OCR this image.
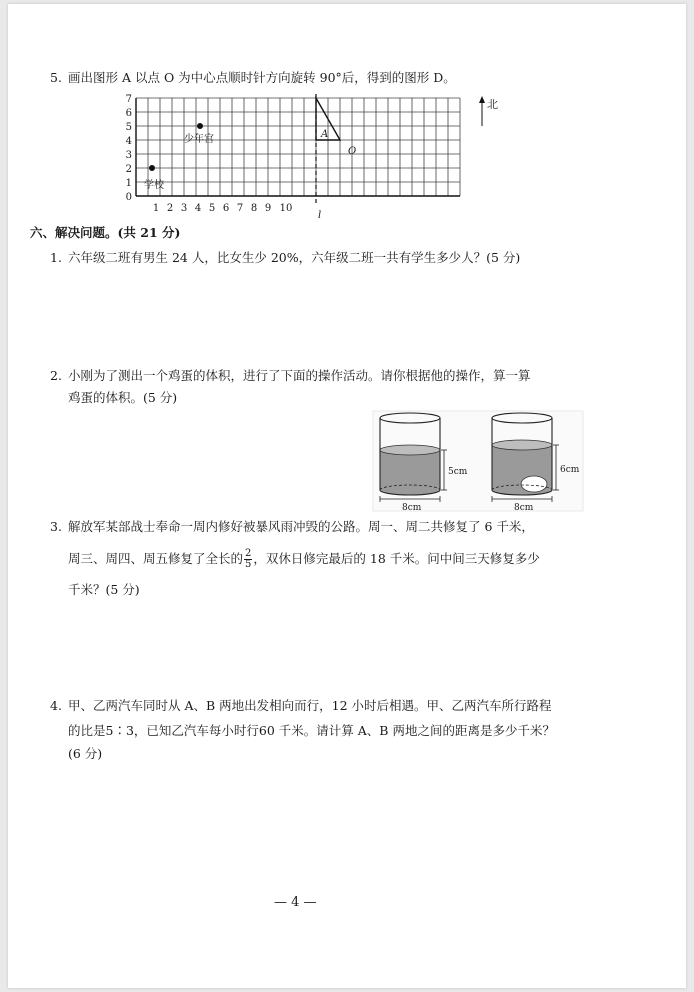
5. 画出图形 A 以点 O 为中心点顺时针方向旋转 90°后，得到的图形 D。
7
6
5
4
3
2
1
0
1 2 3 4 5 6 7 8 9 10
学校
少年宫	A
O
l
北
六、解决问题。(共 21 分)
1. 六年级二班有男生 24 人，比女生少 20%，六年级二班一共有学生多少人？(5 分)
2. 小刚为了测出一个鸡蛋的体积，进行了下面的操作活动。请你根据他的操作，算一算
鸡蛋的体积。(5 分)
5cm
8cm
6cm
8cm
3. 解放军某部战士奉命一周内修好被暴风雨冲毁的公路。周一、周二共修复了 6 千米，
周三、周四、周五修复了全长的 $\frac{2}{5}$ ，双休日修完最后的 18 千米。问中间三天修复多少
千米？(5 分)
4. 甲、乙两汽车同时从 A、B 两地出发相向而行，12 小时后相遇。甲、乙两汽车所行路程
的比是5∶3，已知乙汽车每小时行60 千米。请计算 A、B 两地之间的距离是多少千米？
(6 分)
— 4 —
